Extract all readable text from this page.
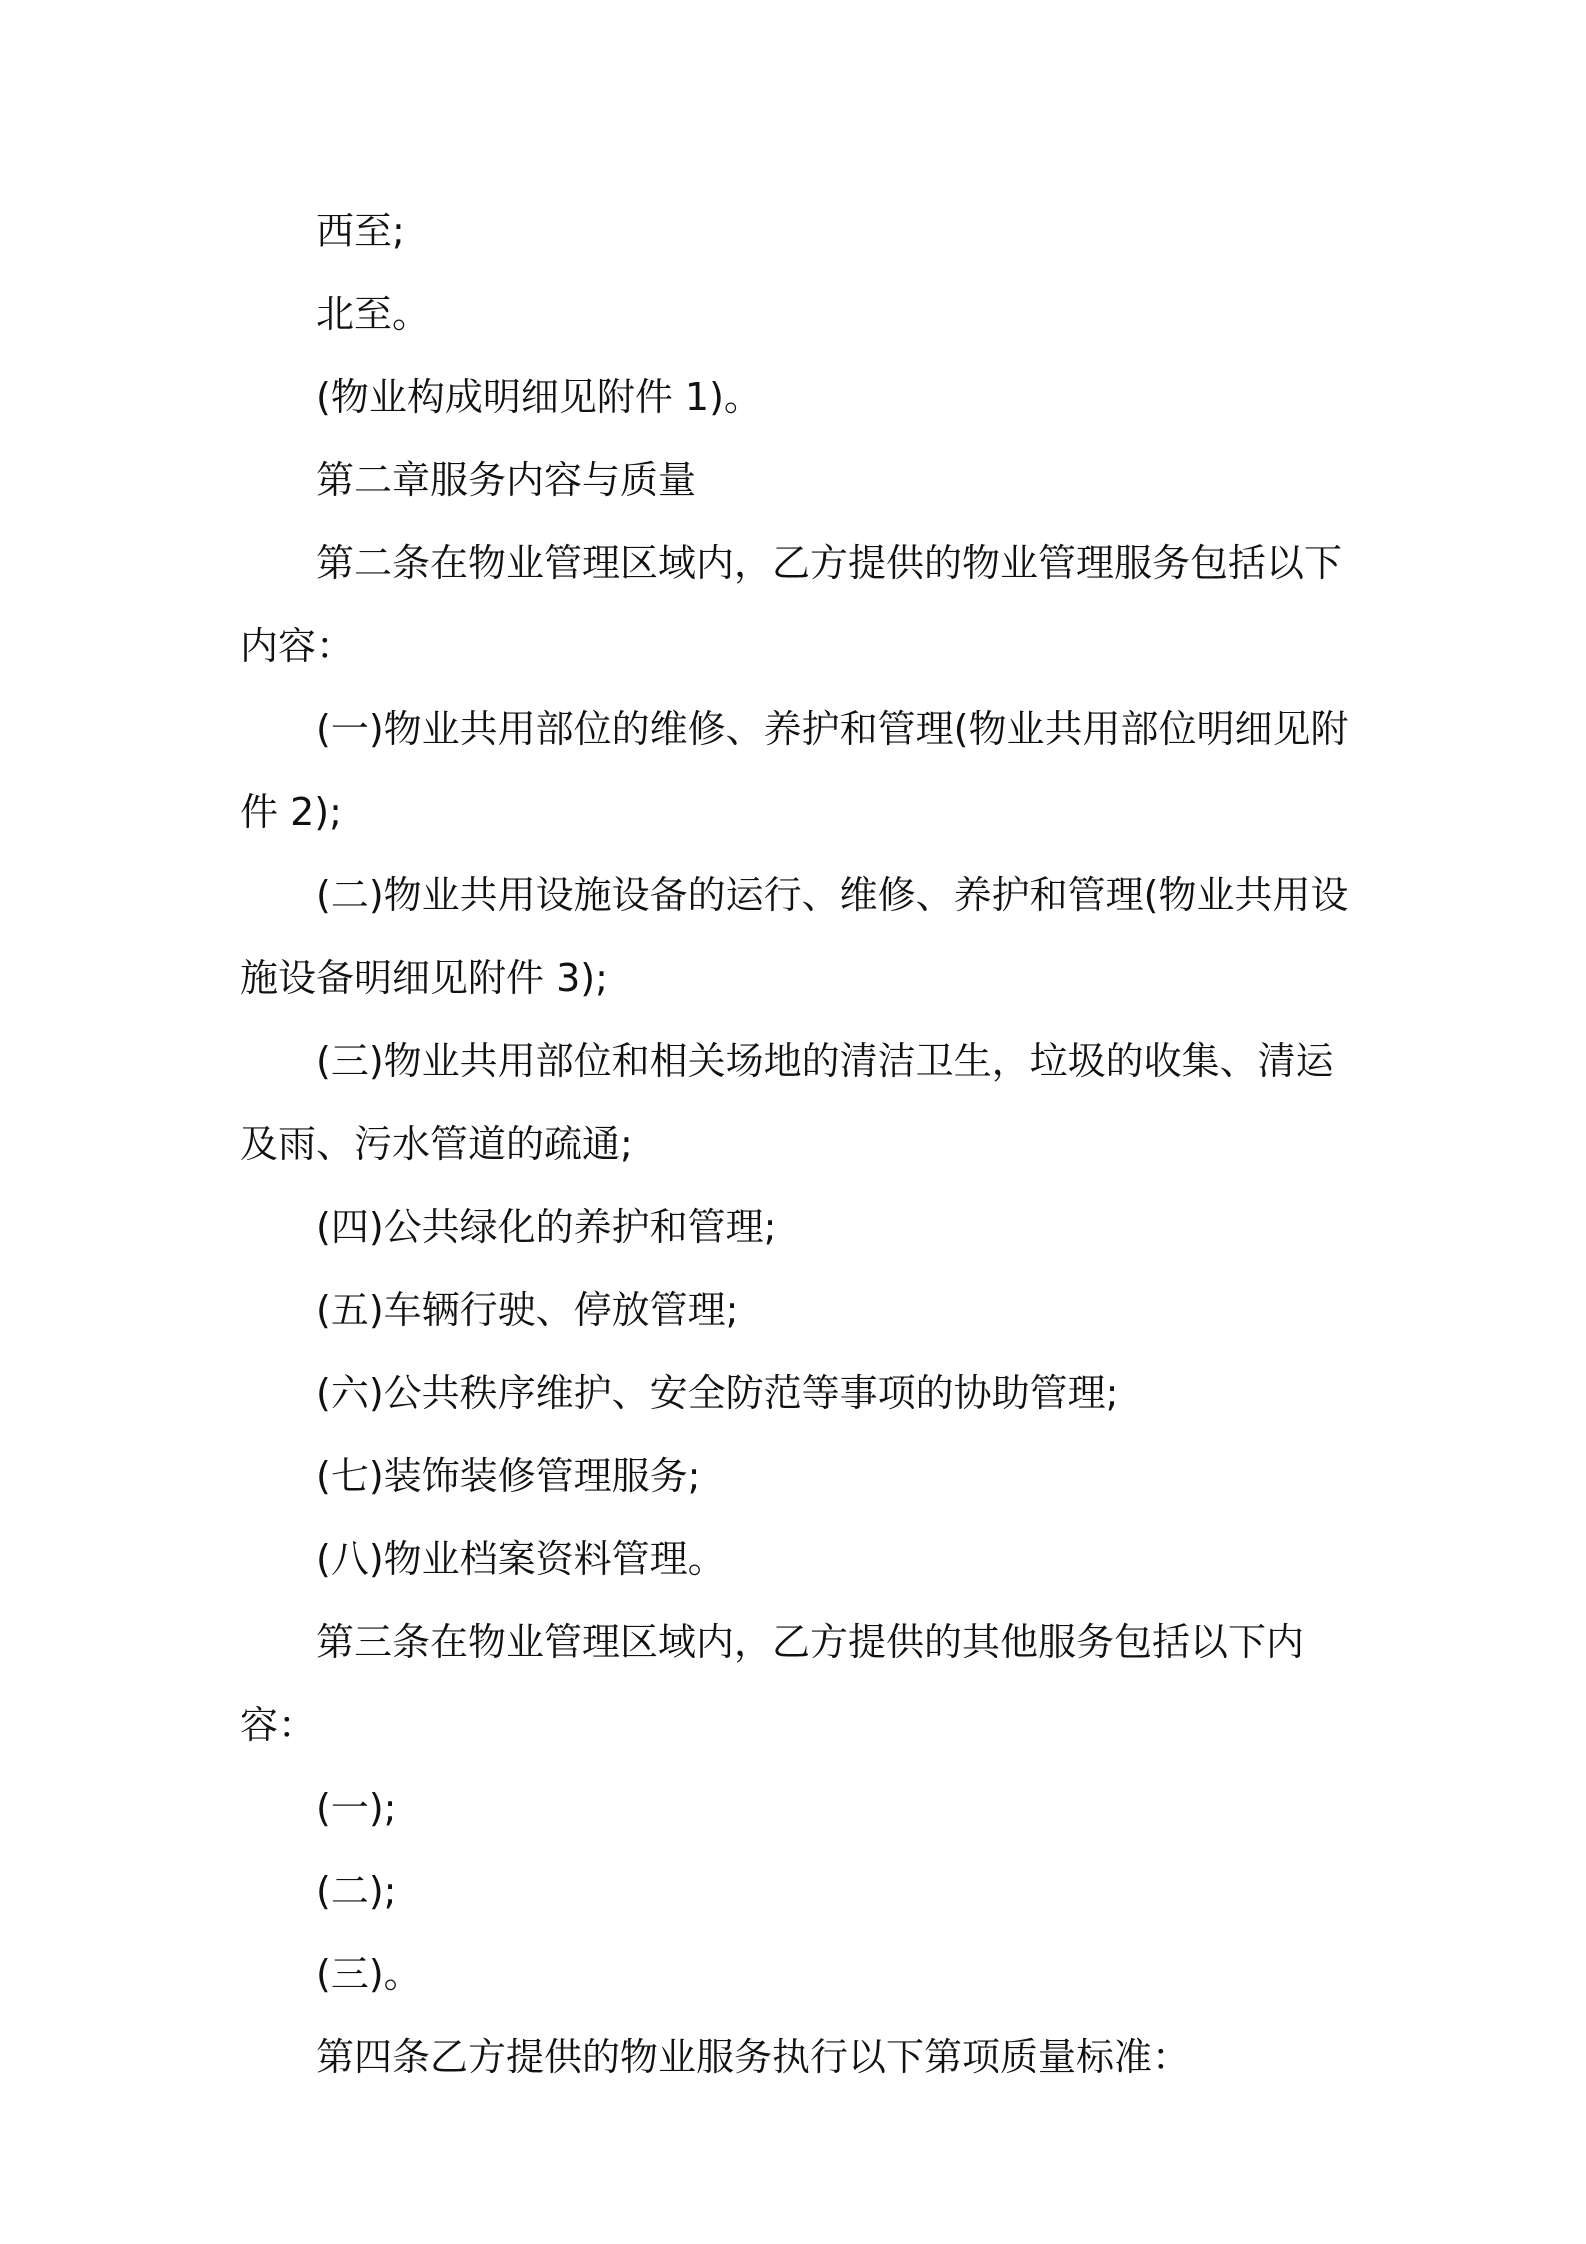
西至;

北至。

(物业构成明细见附件 1)。

第二章服务内容与质量

第二条在物业管理区域内，乙方提供的物业管理服务包括以下内容：

(一)物业共用部位的维修、养护和管理(物业共用部位明细见附件 2);

(二)物业共用设施设备的运行、维修、养护和管理(物业共用设施设备明细见附件 3);

(三)物业共用部位和相关场地的清洁卫生，垃圾的收集、清运及雨、污水管道的疏通;

(四)公共绿化的养护和管理;

(五)车辆行驶、停放管理;

(六)公共秩序维护、安全防范等事项的协助管理;

(七)装饰装修管理服务;

(八)物业档案资料管理。

第三条在物业管理区域内，乙方提供的其他服务包括以下内容：

(一);

(二);

(三)。

第四条乙方提供的物业服务执行以下第项质量标准：
